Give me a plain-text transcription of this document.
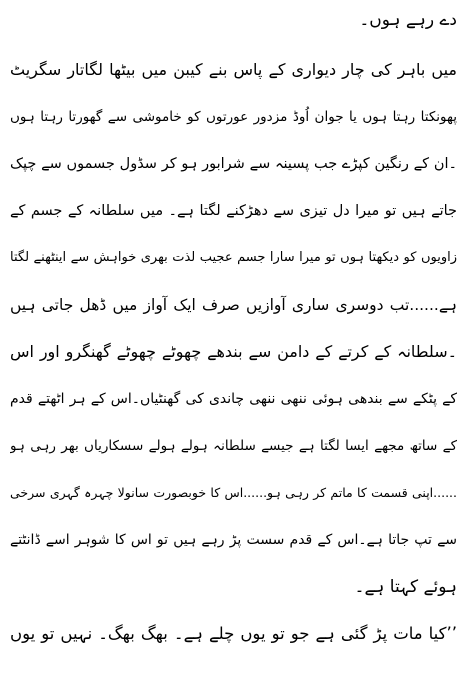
دے رہے ہوں۔
میں باہر کی چار دیواری کے پاس بنے کیبن میں بیٹھا لگاتار سگریٹ
پھونکتا رہتا ہوں یا جوان اُوڈ مزدور عورتوں کو خاموشی سے گھورتا رہتا ہوں
۔ان کے رنگین کپڑے جب پسینہ سے شرابور ہو کر سڈول جسموں سے چپک
جاتے ہیں تو میرا دل تیزی سے دھڑکنے لگتا ہے۔ میں سلطانہ کے جسم کے
زاویوں کو دیکھتا ہوں تو میرا سارا جسم عجیب لذت بھری خواہش سے اینٹھنے لگتا
ہے......تب دوسری ساری آوازیں صرف ایک آواز میں ڈھل جاتی ہیں
۔سلطانہ کے کرتے کے دامن سے بندھے چھوٹے چھوٹے گھنگرو اور اس
کے پٹکے سے بندھی ہوئی ننھی ننھی چاندی کی گھنٹیاں۔اس کے ہر اٹھتے قدم
کے ساتھ مجھے ایسا لگتا ہے جیسے سلطانہ ہولے ہولے سسکاریاں بھر رہی ہو
......اپنی قسمت کا ماتم کر رہی ہو......اس کا خوبصورت سانولا چہرہ گہری سرخی
سے تپ جاتا ہے۔اس کے قدم سست پڑ رہے ہیں تو اس کا شوہر اسے ڈانٹتے
ہوئے کہتا ہے۔
’’کیا مات پڑ گئی ہے جو تو یوں چلے ہے۔ بھگ بھگ۔ نہیں تو یوں
